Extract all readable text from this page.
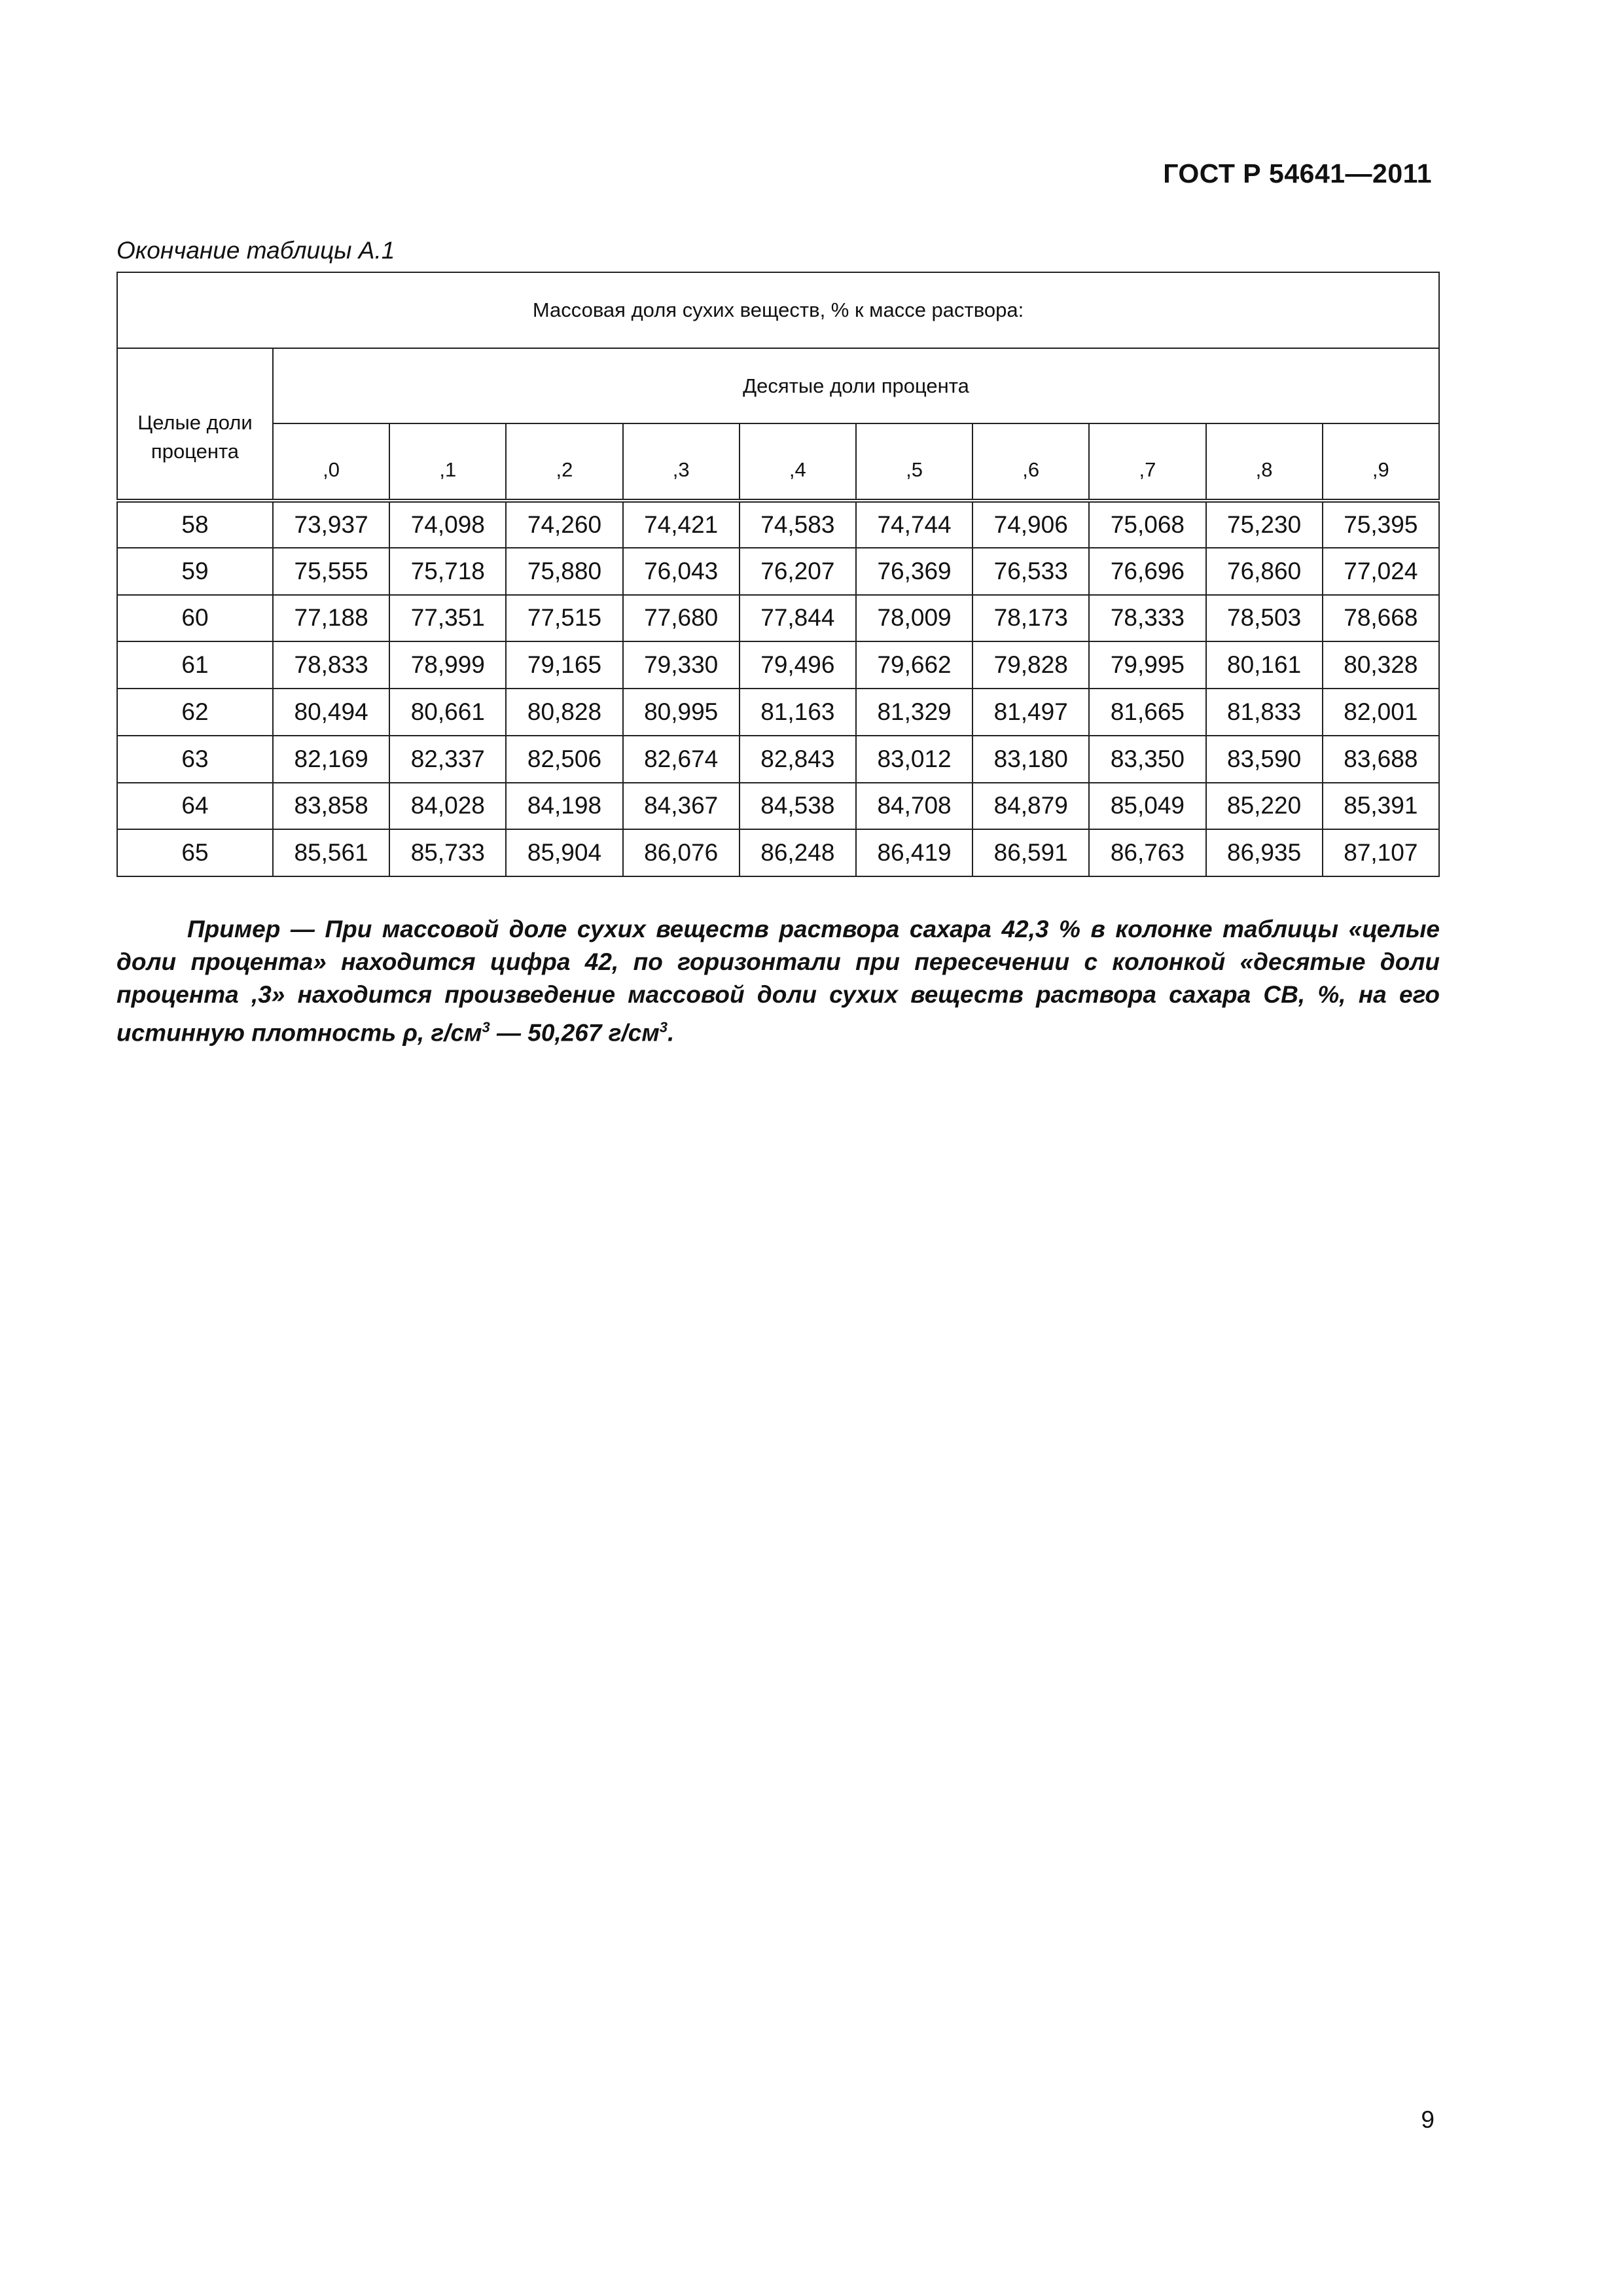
ГОСТ Р 54641—2011
Окончание таблицы А.1
Массовая доля сухих веществ, % к массе раствора:										
Целые доли процента	Десятые доли процента									
	,0	,1	,2	,3	,4	,5	,6	,7	,8	,9
58	73,937	74,098	74,260	74,421	74,583	74,744	74,906	75,068	75,230	75,395
59	75,555	75,718	75,880	76,043	76,207	76,369	76,533	76,696	76,860	77,024
60	77,188	77,351	77,515	77,680	77,844	78,009	78,173	78,333	78,503	78,668
61	78,833	78,999	79,165	79,330	79,496	79,662	79,828	79,995	80,161	80,328
62	80,494	80,661	80,828	80,995	81,163	81,329	81,497	81,665	81,833	82,001
63	82,169	82,337	82,506	82,674	82,843	83,012	83,180	83,350	83,590	83,688
64	83,858	84,028	84,198	84,367	84,538	84,708	84,879	85,049	85,220	85,391
65	85,561	85,733	85,904	86,076	86,248	86,419	86,591	86,763	86,935	87,107

Пример — При массовой доле сухих веществ раствора сахара 42,3 % в колонке таблицы «целые доли процента» находится цифра 42, по горизонтали при пересечении с колонкой «десятые доли процента ,3» находится произведение массовой доли сухих веществ раствора сахара СВ, %, на его истинную плотность ρ, $г/см^3$ — 50,267 $г/см^3$.

9
